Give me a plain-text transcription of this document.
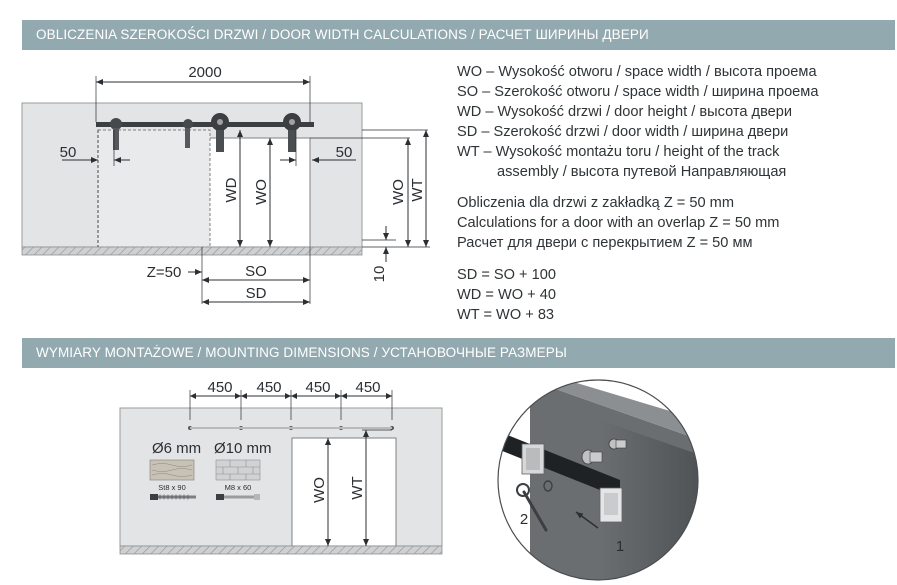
OBLICZENIA SZEROKOŚCI DRZWI / DOOR WIDTH CALCULATIONS / РАСЧЕТ ШИРИНЫ ДВЕРИ
WYMIARY MONTAŻOWE / MOUNTING DIMENSIONS / УСТАНОВОЧНЫЕ РАЗМЕРЫ
2000
50	50
WD WO	WO WT
10
Z=50	SO
SD
450 450 450 450
Ø6 mm Ø10 mm
St8 x 90	M8 x 60	WO WT
1
2
WO – Wysokość otworu / space width / высота проема
SO – Szerokość otworu / space width / ширина проема
WD – Wysokość drzwi / door height / высота двери
SD – Szerokość drzwi / door width / ширина двери
WT – Wysokość montażu toru / height of the track
assembly / высота путевой Направляющая
Obliczenia dla drzwi z zakładką Z = 50 mm
Calculations for a door with an overlap Z = 50 mm
Расчет для двери с перекрытием Z = 50 мм
SD = SO + 100
WD = WO + 40
WT = WO + 83
